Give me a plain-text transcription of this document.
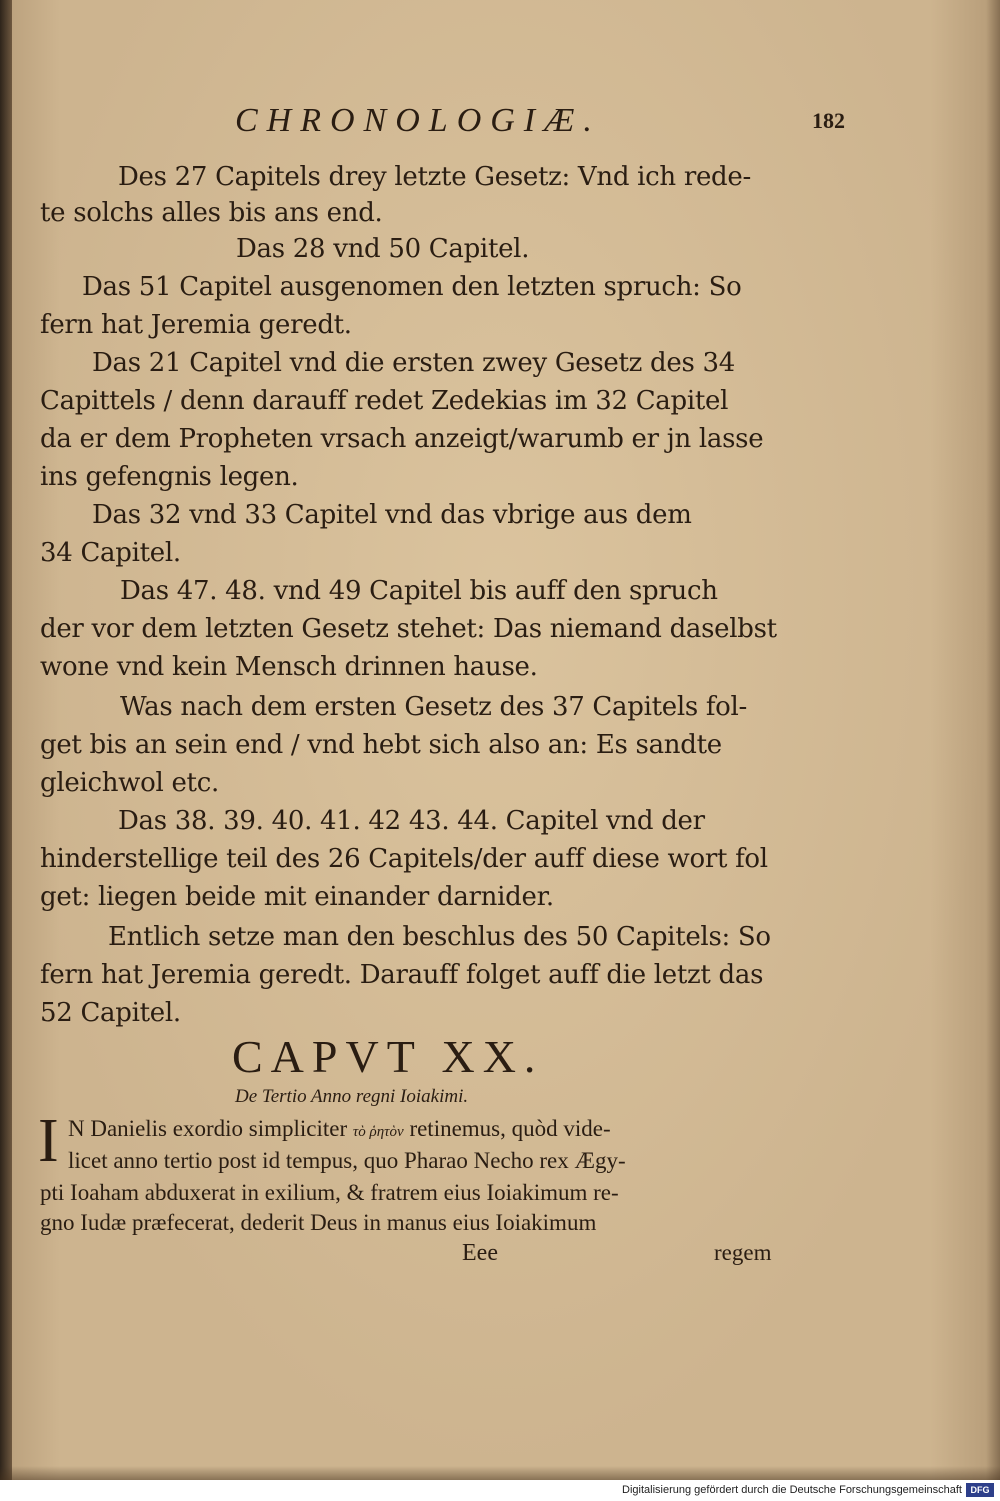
CHRONOLOGIÆ.	182
Des 27 Capitels drey letzte Gesetz: Vnd ich rede-
te solchs alles bis ans end.
Das 28 vnd 50 Capitel.
Das 51 Capitel ausgenomen den letzten spruch: So
fern hat Jeremia geredt.
Das 21 Capitel vnd die ersten zwey Gesetz des 34
Capittels / denn darauff redet Zedekias im 32 Capitel
da er dem Propheten vrsach anzeigt/warumb er jn lasse
ins gefengnis legen.
Das 32 vnd 33 Capitel vnd das vbrige aus dem
34 Capitel.
Das 47. 48. vnd 49 Capitel bis auff den spruch
der vor dem letzten Gesetz stehet: Das niemand daselbst
wone vnd kein Mensch drinnen hause.
Was nach dem ersten Gesetz des 37 Capitels fol-
get bis an sein end / vnd hebt sich also an: Es sandte
gleichwol etc.
Das 38. 39. 40. 41. 42 43. 44. Capitel vnd der
hinderstellige teil des 26 Capitels/der auff diese wort fol
get: liegen beide mit einander darnider.
Entlich setze man den beschlus des 50 Capitels: So
fern hat Jeremia geredt. Darauff folget auff die letzt das
52 Capitel.
CAPVT XX.
De Tertio Anno regni Ioiakimi.
I N Danielis exordio simpliciter τὸ ῥητὸν retinemus, quòd vide-
licet anno tertio post id tempus, quo Pharao Necho rex Ægy-
pti Ioaham abduxerat in exilium, & fratrem eius Ioiakimum re-
gno Iudæ præfecerat, dederit Deus in manus eius Ioiakimum
Eee	regem
Digitalisierung gefördert durch die Deutsche Forschungsgemeinschaft DFG
